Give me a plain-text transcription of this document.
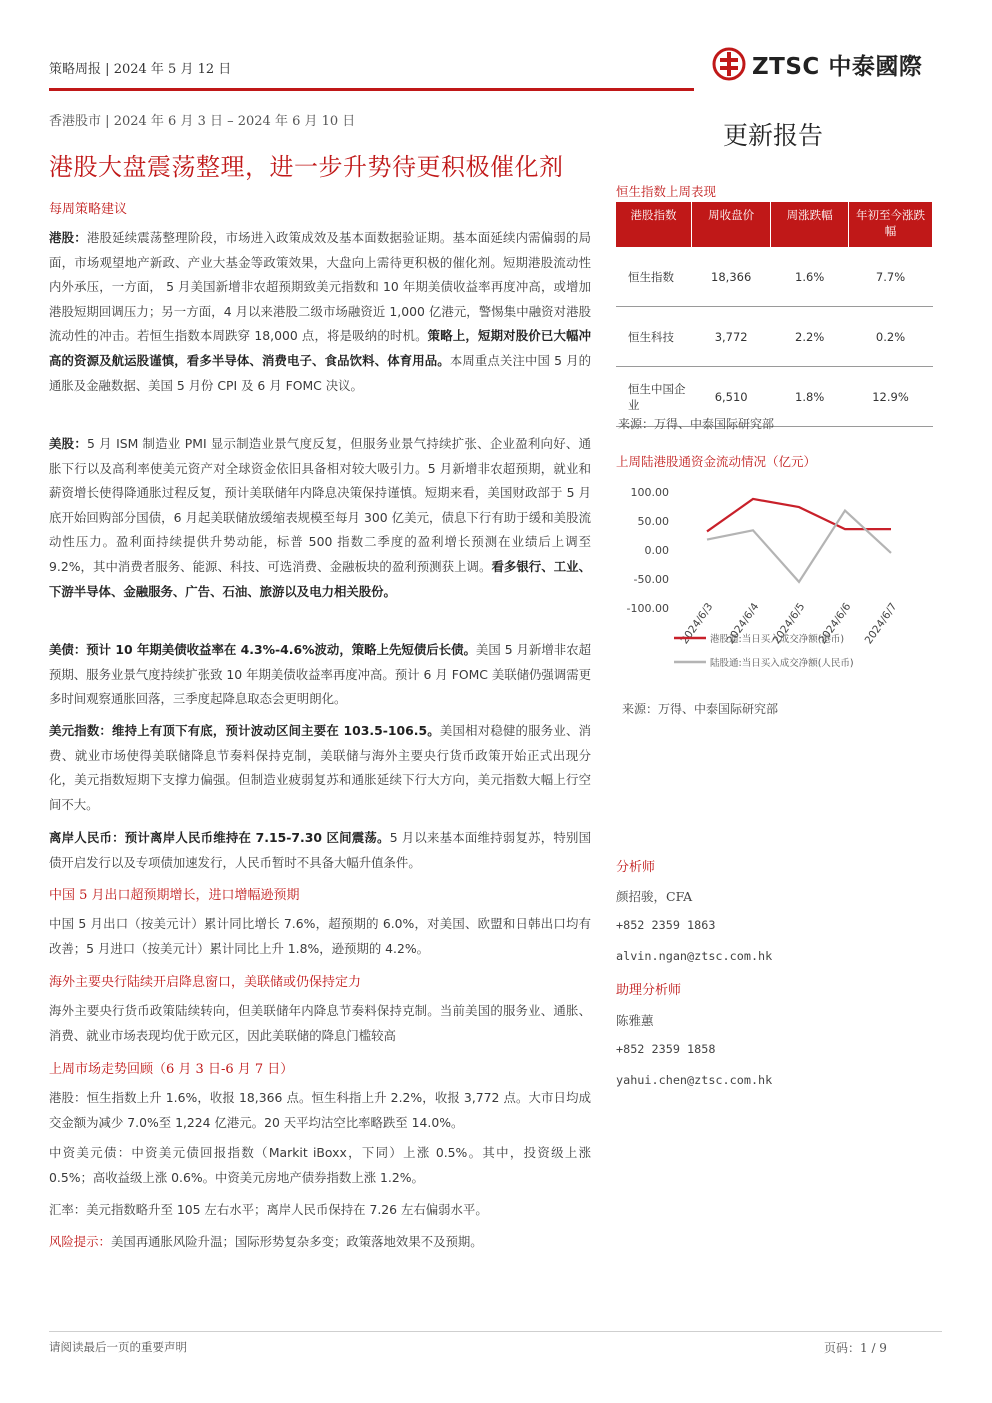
策略周报 | 2024 年 5 月 12 日	ZTSC 中泰國際
香港股市 | 2024 年 6 月 3 日 – 2024 年 6 月 10 日	更新报告
港股大盘震荡整理，进一步升势待更积极催化剂
每周策略建议
港股：港股延续震荡整理阶段，市场进入政策成效及基本面数据验证期。基本面延续内需偏弱的局面，市场观望地产新政、产业大基金等政策效果，大盘向上需待更积极的催化剂。短期港股流动性内外承压，一方面， 5 月美国新增非农超预期致美元指数和 10 年期美债收益率再度冲高，或增加港股短期回调压力；另一方面，4 月以来港股二级市场融资近 1,000 亿港元，警惕集中融资对港股流动性的冲击。若恒生指数本周跌穿 18,000 点，将是吸纳的时机。策略上，短期对股价已大幅冲高的资源及航运股谨慎，看多半导体、消费电子、食品饮料、体育用品。本周重点关注中国 5 月的通胀及金融数据、美国 5 月份 CPI 及 6 月 FOMC 决议。
美股：5 月 ISM 制造业 PMI 显示制造业景气度反复，但服务业景气持续扩张、企业盈利向好、通胀下行以及高利率使美元资产对全球资金依旧具备相对较大吸引力。5 月新增非农超预期，就业和薪资增长使得降通胀过程反复，预计美联储年内降息决策保持谨慎。短期来看，美国财政部于 5 月底开始回购部分国债，6 月起美联储放缓缩表规模至每月 300 亿美元，债息下行有助于缓和美股流动性压力。盈利面持续提供升势动能，标普 500 指数二季度的盈利增长预测在业绩后上调至 9.2%，其中消费者服务、能源、科技、可选消费、金融板块的盈利预测获上调。看多银行、工业、下游半导体、金融服务、广告、石油、旅游以及电力相关股份。
美债：预计 10 年期美债收益率在 4.3%-4.6%波动，策略上先短债后长债。美国 5 月新增非农超预期、服务业景气度持续扩张致 10 年期美债收益率再度冲高。预计 6 月 FOMC 美联储仍强调需更多时间观察通胀回落，三季度起降息取态会更明朗化。
美元指数：维持上有顶下有底，预计波动区间主要在 103.5-106.5。美国相对稳健的服务业、消费、就业市场使得美联储降息节奏料保持克制，美联储与海外主要央行货币政策开始正式出现分化，美元指数短期下支撑力偏强。但制造业疲弱复苏和通胀延续下行大方向，美元指数大幅上行空间不大。
离岸人民币：预计离岸人民币维持在 7.15-7.30 区间震荡。5 月以来基本面维持弱复苏，特别国债开启发行以及专项债加速发行，人民币暂时不具备大幅升值条件。
中国 5 月出口超预期增长，进口增幅逊预期
中国 5 月出口（按美元计）累计同比增长 7.6%，超预期的 6.0%，对美国、欧盟和日韩出口均有改善；5 月进口（按美元计）累计同比上升 1.8%，逊预期的 4.2%。
海外主要央行陆续开启降息窗口，美联储或仍保持定力
海外主要央行货币政策陆续转向，但美联储年内降息节奏料保持克制。当前美国的服务业、通胀、消费、就业市场表现均优于欧元区，因此美联储的降息门槛较高
上周市场走势回顾（6 月 3 日-6 月 7 日）
港股：恒生指数上升 1.6%，收报 18,366 点。恒生科指上升 2.2%，收报 3,772 点。大市日均成交金额为减少 7.0%至 1,224 亿港元。20 天平均沽空比率略跌至 14.0%。
中资美元债：中资美元债回报指数（Markit iBoxx，下同）上涨 0.5%。其中，投资级上涨 0.5%；高收益级上涨 0.6%。中资美元房地产债券指数上涨 1.2%。
汇率：美元指数略升至 105 左右水平；离岸人民币保持在 7.26 左右偏弱水平。
风险提示：美国再通胀风险升温；国际形势复杂多变；政策落地效果不及预期。
恒生指数上周表现
港股指数	周收盘价	周涨跌幅	年初至今涨跌幅
恒生指数	18,366	1.6%	7.7%
恒生科技	3,772	2.2%	0.2%
恒生中国企业	6,510	1.8%	12.9%
来源：万得、中泰国际研究部
上周陆港股通资金流动情况（亿元）
100.00
50.00
0.00
-50.00
-100.00 2024/6/3 2024/6/4 2024/6/5 2024/6/6 2024/6/7
港股通:当日买入成交净额(港币)
陆股通:当日买入成交净额(人民币)
来源：万得、中泰国际研究部
分析师
颜招骏，CFA
+852 2359 1863
alvin.ngan@ztsc.com.hk
助理分析师
陈雅蕙
+852 2359 1858
yahui.chen@ztsc.com.hk
请阅读最后一页的重要声明	页码：1 / 9
